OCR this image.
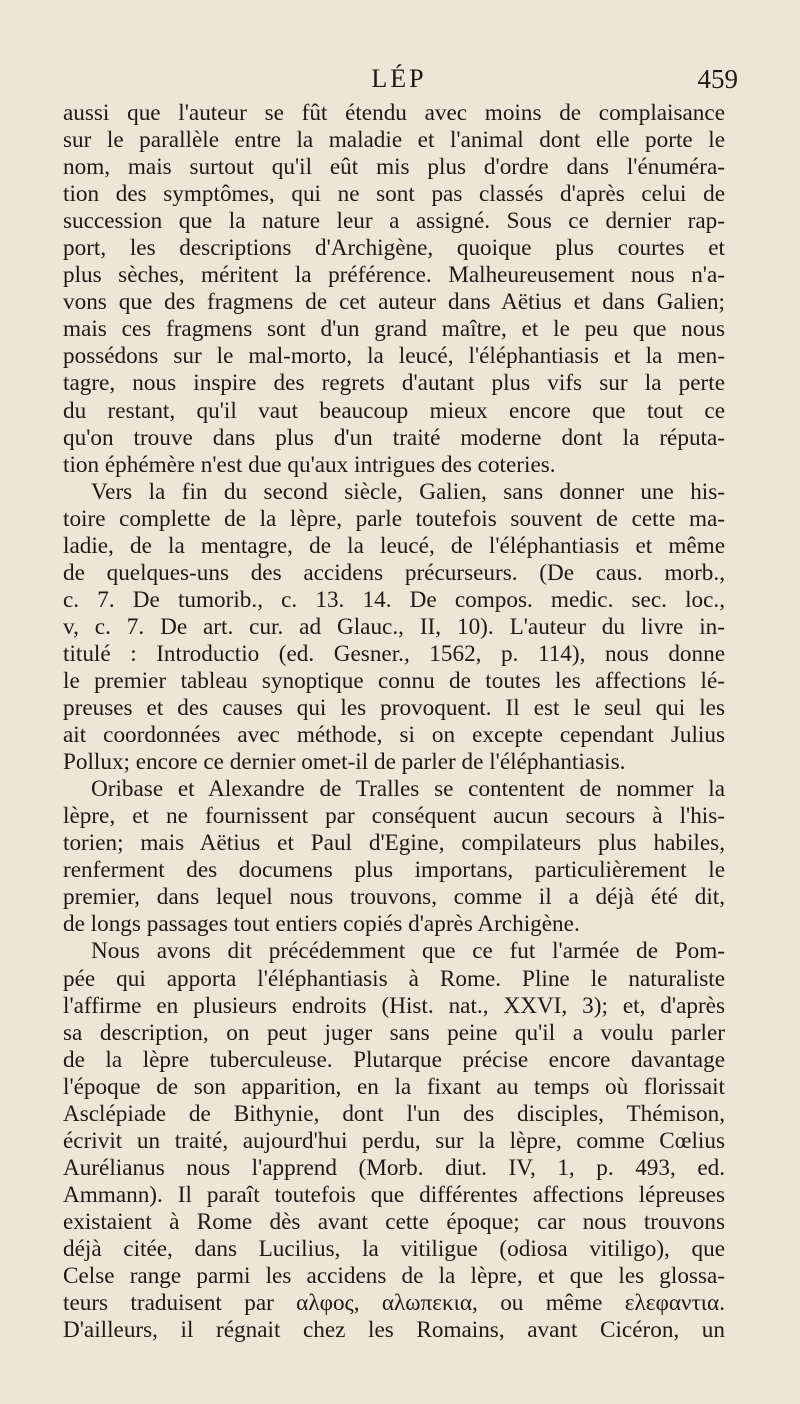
LÉP	459
aussi que l'auteur se fût étendu avec moins de complaisance
sur le parallèle entre la maladie et l'animal dont elle porte le
nom, mais surtout qu'il eût mis plus d'ordre dans l'énuméra-
tion des symptômes, qui ne sont pas classés d'après celui de
succession que la nature leur a assigné. Sous ce dernier rap-
port, les descriptions d'Archigène, quoique plus courtes et
plus sèches, méritent la préférence. Malheureusement nous n'a-
vons que des fragmens de cet auteur dans Aëtius et dans Galien;
mais ces fragmens sont d'un grand maître, et le peu que nous
possédons sur le mal-morto, la leucé, l'éléphantiasis et la men-
tagre, nous inspire des regrets d'autant plus vifs sur la perte
du restant, qu'il vaut beaucoup mieux encore que tout ce
qu'on trouve dans plus d'un traité moderne dont la réputa-
tion éphémère n'est due qu'aux intrigues des coteries.
Vers la fin du second siècle, Galien, sans donner une his-
toire complette de la lèpre, parle toutefois souvent de cette ma-
ladie, de la mentagre, de la leucé, de l'éléphantiasis et même
de quelques-uns des accidens précurseurs. (De caus. morb.,
c. 7. De tumorib., c. 13. 14. De compos. medic. sec. loc.,
v, c. 7. De art. cur. ad Glauc., II, 10). L'auteur du livre in-
titulé : Introductio (ed. Gesner., 1562, p. 114), nous donne
le premier tableau synoptique connu de toutes les affections lé-
preuses et des causes qui les provoquent. Il est le seul qui les
ait coordonnées avec méthode, si on excepte cependant Julius
Pollux; encore ce dernier omet-il de parler de l'éléphantiasis.
Oribase et Alexandre de Tralles se contentent de nommer la
lèpre, et ne fournissent par conséquent aucun secours à l'his-
torien; mais Aëtius et Paul d'Egine, compilateurs plus habiles,
renferment des documens plus importans, particulièrement le
premier, dans lequel nous trouvons, comme il a déjà été dit,
de longs passages tout entiers copiés d'après Archigène.
Nous avons dit précédemment que ce fut l'armée de Pom-
pée qui apporta l'éléphantiasis à Rome. Pline le naturaliste
l'affirme en plusieurs endroits (Hist. nat., XXVI, 3); et, d'après
sa description, on peut juger sans peine qu'il a voulu parler
de la lèpre tuberculeuse. Plutarque précise encore davantage
l'époque de son apparition, en la fixant au temps où florissait
Asclépiade de Bithynie, dont l'un des disciples, Thémison,
écrivit un traité, aujourd'hui perdu, sur la lèpre, comme Cœlius
Aurélianus nous l'apprend (Morb. diut. IV, 1, p. 493, ed.
Ammann). Il paraît toutefois que différentes affections lépreuses
existaient à Rome dès avant cette époque; car nous trouvons
déjà citée, dans Lucilius, la vitiligue (odiosa vitiligo), que
Celse range parmi les accidens de la lèpre, et que les glossa-
teurs traduisent par αλφος, αλωπεκια, ou même ελεφαντια.
D'ailleurs, il régnait chez les Romains, avant Cicéron, un
